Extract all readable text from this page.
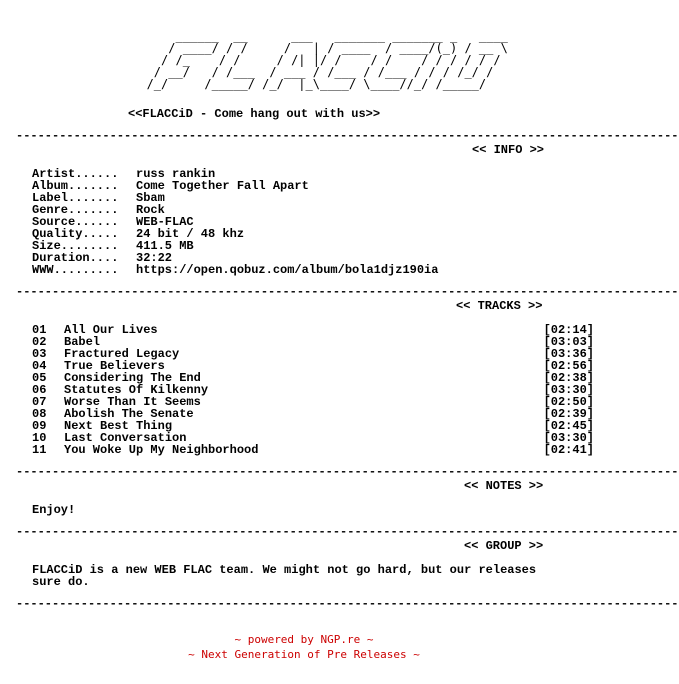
______  __      ___   _______ _______ _   ____
/ ____/ / /     /   | / ____  / ____/(_) / __ \
/ /_    / /     / /| |/ /    / /    / / / / / /
/ __/   / /___  / ___ / /___ / /___ / / / /_/ /
/_/     /_____/ /_/  |_\____/ \____//_/ /_____/
<<FLACCiD - Come hang out with us>>
--------------------------------------------------------------------------------------------
<< INFO >>
Artist...... russ rankin
Album....... Come Together Fall Apart
Label....... Sbam
Genre....... Rock
Source...... WEB-FLAC
Quality..... 24 bit / 48 khz
Size........ 411.5 MB
Duration.... 32:22
WWW......... https://open.qobuz.com/album/bola1djz190ia
--------------------------------------------------------------------------------------------
<< TRACKS >>
01 All Our Lives	[02:14]
02 Babel	[03:03]
03 Fractured Legacy	[03:36]
04 True Believers	[02:56]
05 Considering The End	[02:38]
06 Statutes Of Kilkenny	[03:30]
07 Worse Than It Seems	[02:50]
08 Abolish The Senate	[02:39]
09 Next Best Thing	[02:45]
10 Last Conversation	[03:30]
11 You Woke Up My Neighborhood	[02:41]
--------------------------------------------------------------------------------------------
<< NOTES >>
Enjoy!
--------------------------------------------------------------------------------------------
<< GROUP >>
FLACCiD is a new WEB FLAC team. We might not go hard, but our releases
sure do.
--------------------------------------------------------------------------------------------
~ powered by NGP.re ~
~ Next Generation of Pre Releases ~
